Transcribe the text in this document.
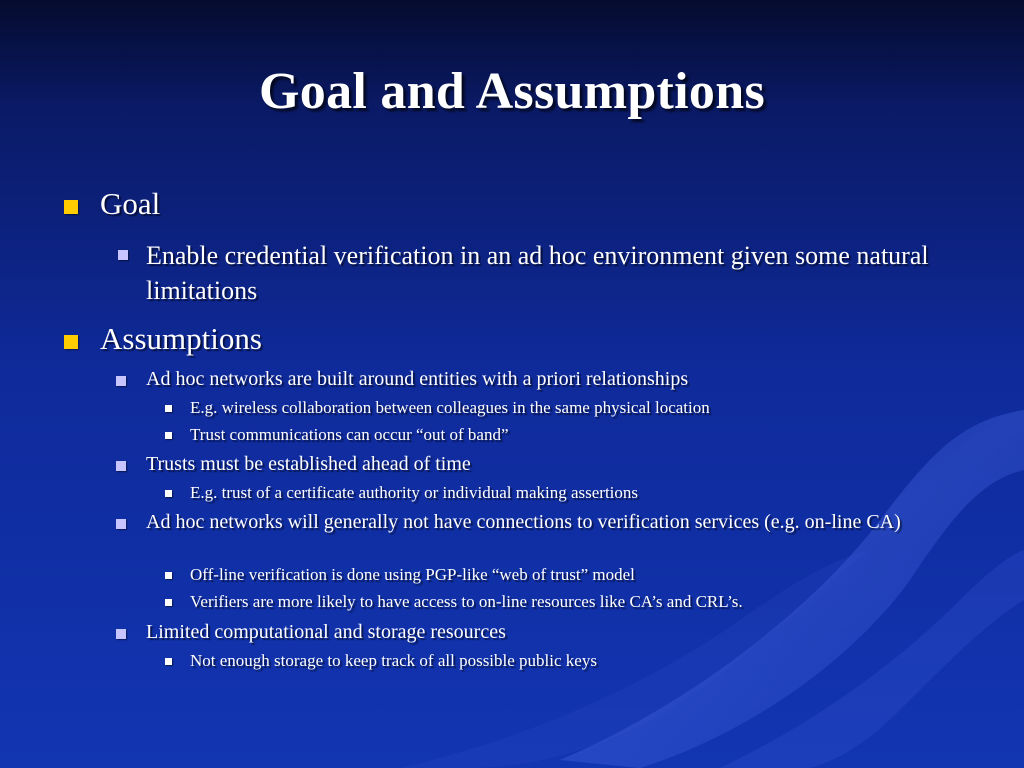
Goal and Assumptions
Goal
Enable credential verification in an ad hoc environment given some natural limitations
Assumptions
Ad hoc networks are built around entities with a priori relationships
E.g. wireless collaboration between colleagues in the same physical location
Trust communications can occur “out of band”
Trusts must be established ahead of time
E.g. trust of a certificate authority or individual making assertions
Ad hoc networks will generally not have connections to verification services (e.g. on-line CA)
Off-line verification is done using PGP-like “web of trust” model
Verifiers are more likely to have access to on-line resources like CA’s and CRL’s.
Limited computational and storage resources
Not enough storage to keep track of all possible public keys
